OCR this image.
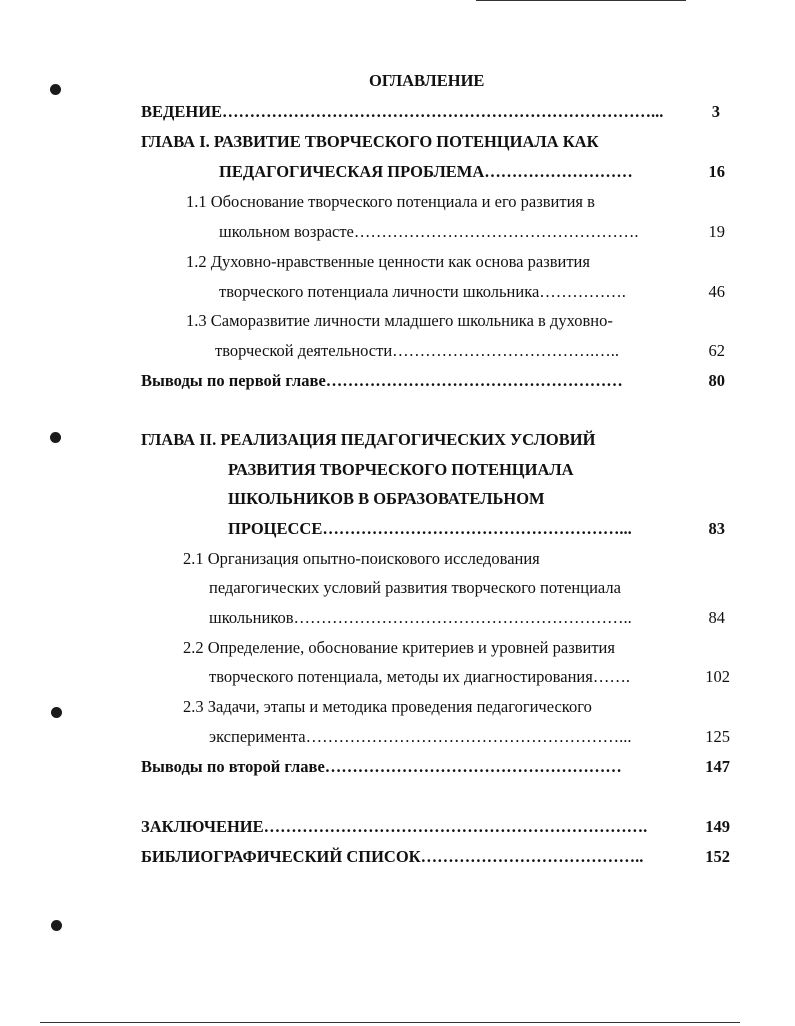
ОГЛАВЛЕНИЕ
ВЕДЕНИЕ……………………………………………………………………...	3
ГЛАВА I. РАЗВИТИЕ ТВОРЧЕСКОГО ПОТЕНЦИАЛА КАК
ПЕДАГОГИЧЕСКАЯ ПРОБЛЕМА………………………	16
1.1 Обоснование творческого потенциала и его развития в
школьном возрасте…………………………………………….	19
1.2 Духовно-нравственные ценности как основа развития
творческого потенциала личности школьника…………….	46
1.3 Саморазвитие личности младшего школьника в духовно-
творческой деятельности……………………………….…..	62
Выводы по первой главе………………………………………………	80
ГЛАВА II. РЕАЛИЗАЦИЯ ПЕДАГОГИЧЕСКИХ УСЛОВИЙ
РАЗВИТИЯ ТВОРЧЕСКОГО ПОТЕНЦИАЛА
ШКОЛЬНИКОВ В ОБРАЗОВАТЕЛЬНОМ
ПРОЦЕССЕ………………………………………………...	83
2.1 Организация опытно-поискового исследования
педагогических условий развития творческого потенциала
школьников……………………………………………………..	84
2.2 Определение, обоснование критериев и уровней развития
творческого потенциала, методы их диагностирования…….	102
2.3 Задачи, этапы и методика проведения педагогического
эксперимента…………………………………………………...	125
Выводы по второй главе………………………………………………	147
ЗАКЛЮЧЕНИЕ…………………………………………………………….	149
БИБЛИОГРАФИЧЕСКИЙ СПИСОК…………………………………..	152
